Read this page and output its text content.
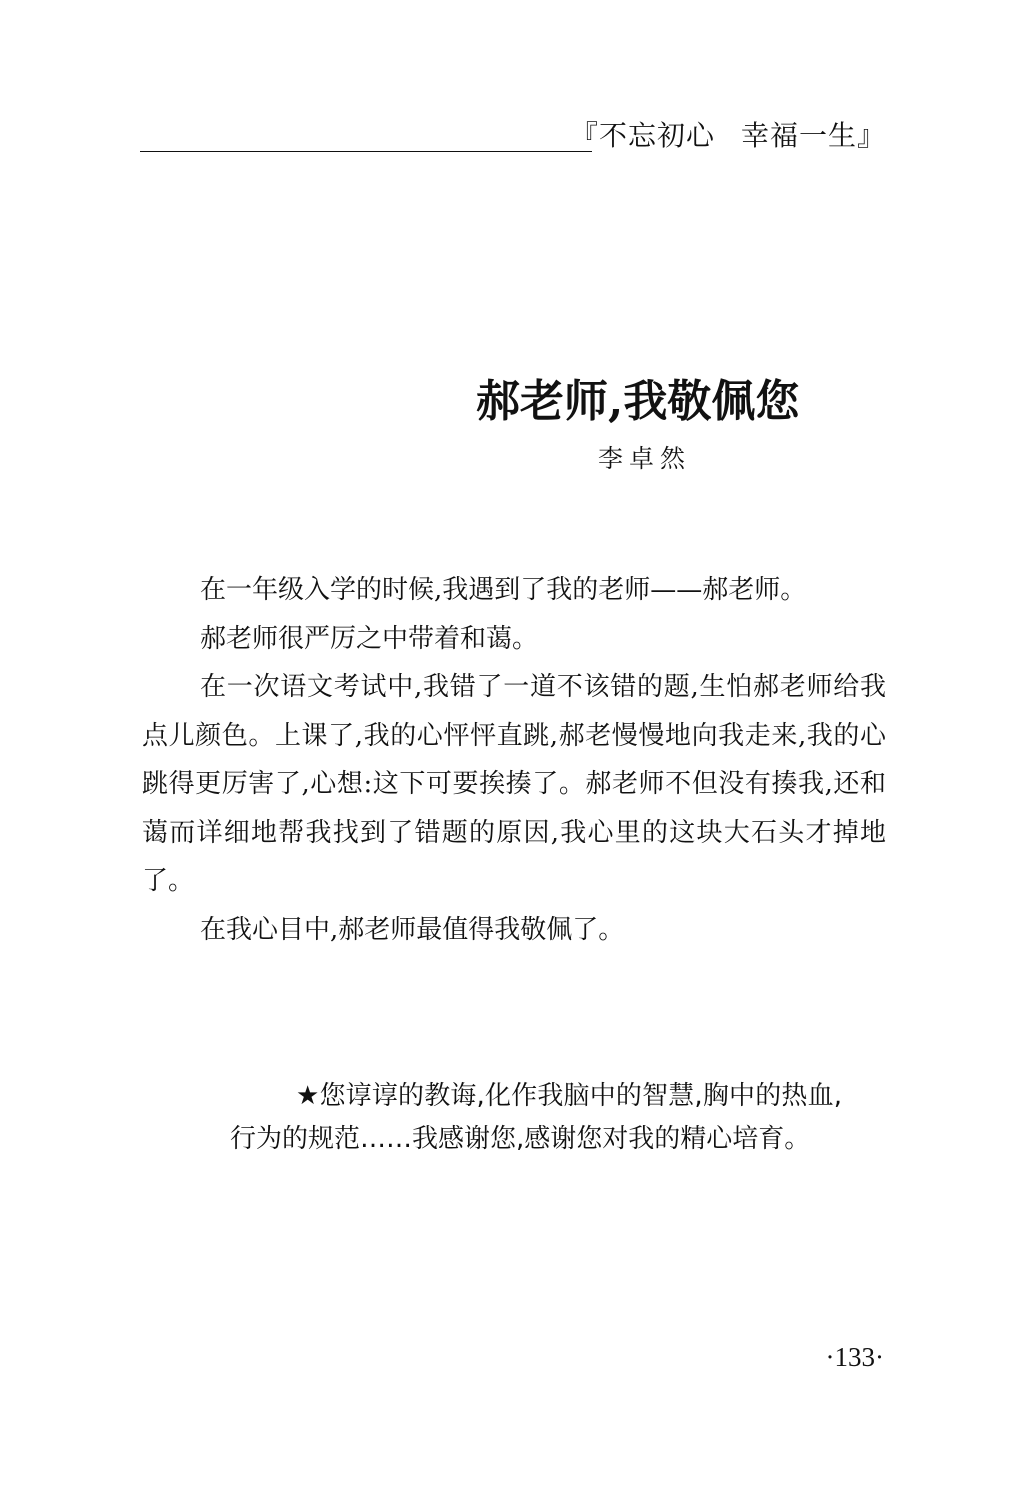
『不忘初心 幸福一生』
郝老师,我敬佩您
李卓然

在一年级入学的时候,我遇到了我的老师——郝老师。

郝老师很严厉之中带着和蔼。

在一次语文考试中,我错了一道不该错的题,生怕郝老师给我点儿颜色。上课了,我的心怦怦直跳,郝老慢慢地向我走来,我的心跳得更厉害了,心想:这下可要挨揍了。郝老师不但没有揍我,还和蔼而详细地帮我找到了错题的原因,我心里的这块大石头才掉地了。

在我心目中,郝老师最值得我敬佩了。

★您谆谆的教诲,化作我脑中的智慧,胸中的热血,行为的规范……我感谢您,感谢您对我的精心培育。

·133·
